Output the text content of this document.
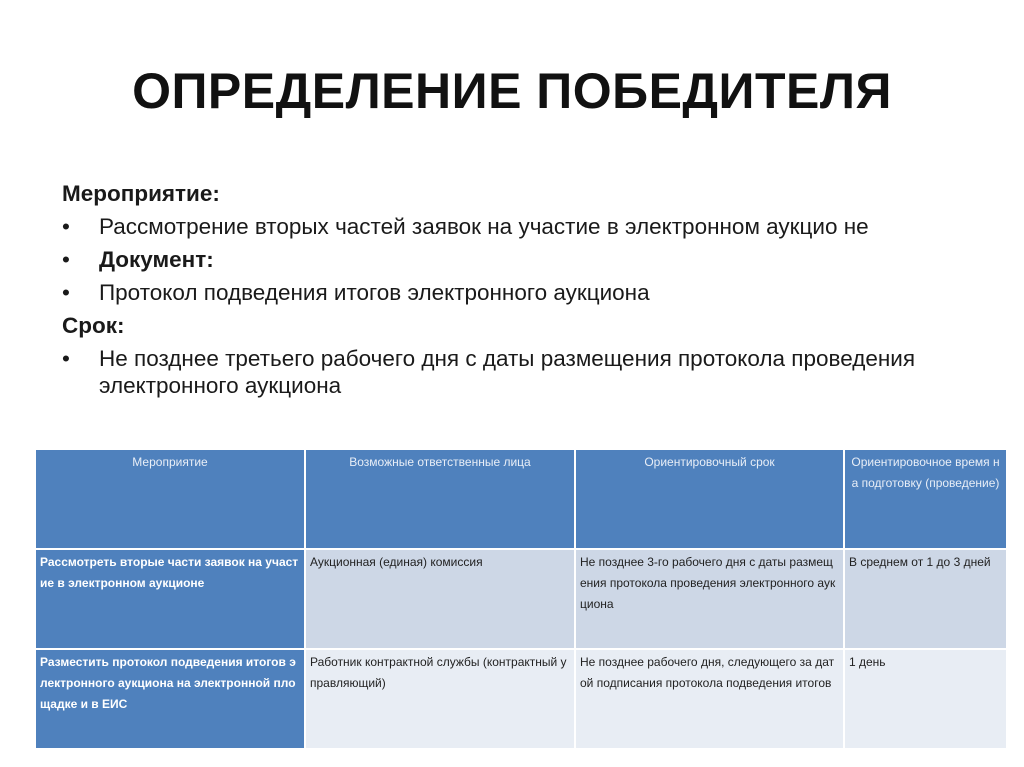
ОПРЕДЕЛЕНИЕ ПОБЕДИТЕЛЯ
Мероприятие:
• Рассмотрение вторых частей заявок на участие в электронном аукцио не
• Документ:
• Протокол подведения итогов электронного аукциона
Срок:
• Не позднее третьего рабочего дня с даты размещения протокола проведения электронного аукциона
Мероприятие	Возможные ответственные лица	Ориентировочный срок	Ориентировочное время на подготовку (проведение)
Рассмотреть вторые части заявок на участие в электронном аукционе	Аукционная (единая) комиссия	Не позднее 3-го рабочего дня с даты размещения протокола проведения электронного аукциона	В среднем от 1 до 3 дней
Разместить протокол подведения итогов электронного аукциона на электронной площадке и в ЕИС	Работник контрактной службы (контрактный управляющий)	Не позднее рабочего дня, следующего за датой подписания протокола подведения итогов	1 день
